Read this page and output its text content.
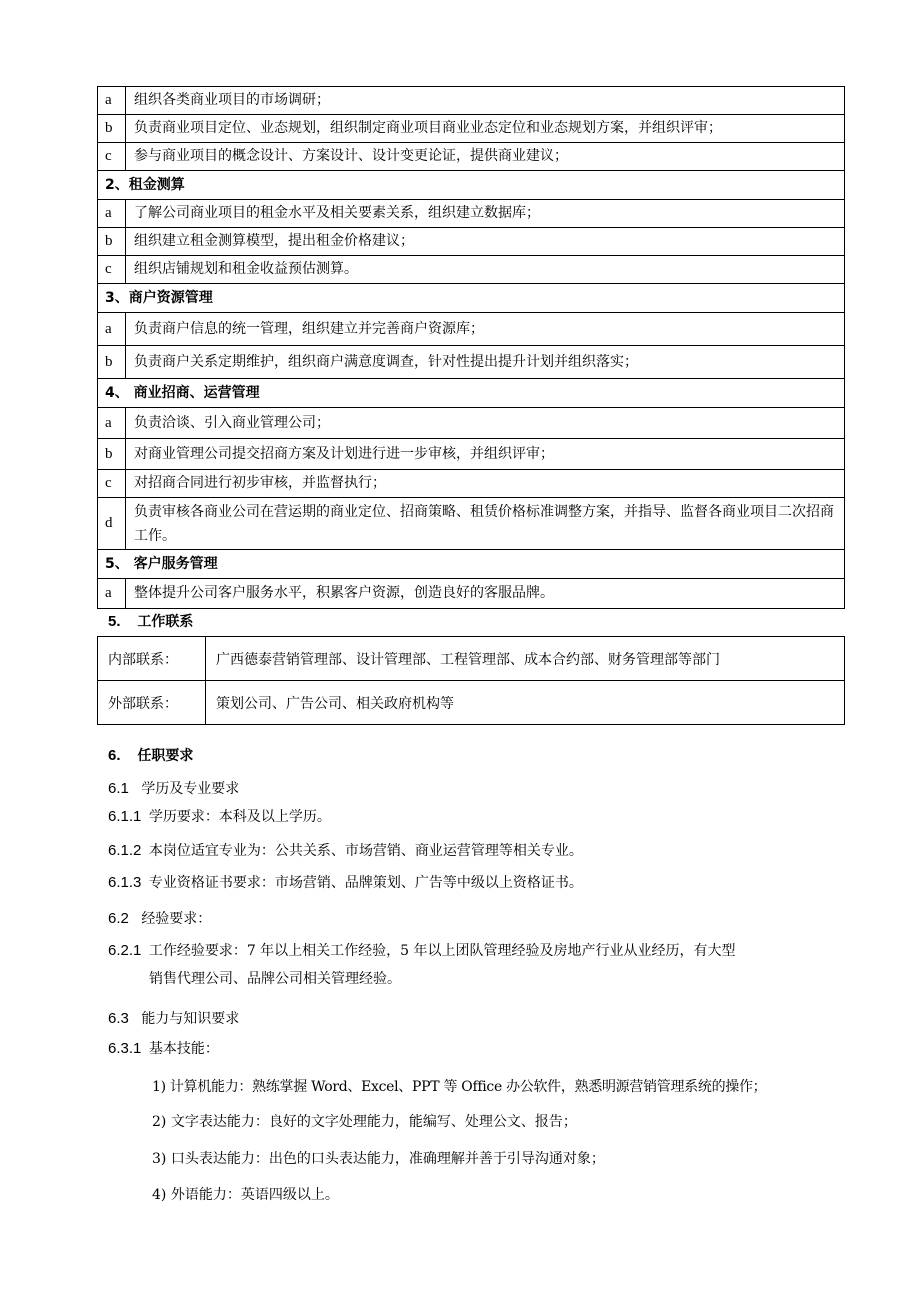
a	组织各类商业项目的市场调研；
b	负责商业项目定位、业态规划，组织制定商业项目商业业态定位和业态规划方案，并组织评审；
c	参与商业项目的概念设计、方案设计、设计变更论证，提供商业建议；
2、租金测算	
a	了解公司商业项目的租金水平及相关要素关系，组织建立数据库；
b	组织建立租金测算模型，提出租金价格建议；
c	组织店铺规划和租金收益预估测算。
3、商户资源管理	
a	负责商户信息的统一管理，组织建立并完善商户资源库；
b	负责商户关系定期维护，组织商户满意度调查，针对性提出提升计划并组织落实；
4、 商业招商、运营管理	
a	负责洽谈、引入商业管理公司；
b	对商业管理公司提交招商方案及计划进行进一步审核，并组织评审；
c	对招商合同进行初步审核，并监督执行；
d	负责审核各商业公司在营运期的商业定位、招商策略、租赁价格标准调整方案，并指导、监督各商业项目二次招商工作。
5、 客户服务管理	
a	整体提升公司客户服务水平，积累客户资源，创造良好的客服品牌。
5. 工作联系
内部联系：	广西德泰营销管理部、设计管理部、工程管理部、成本合约部、财务管理部等部门
外部联系：	策划公司、广告公司、相关政府机构等
6. 任职要求
6.1 学历及专业要求
6.1.1 学历要求：本科及以上学历。
6.1.2 本岗位适宜专业为：公共关系、市场营销、商业运营管理等相关专业。
6.1.3 专业资格证书要求：市场营销、品牌策划、广告等中级以上资格证书。
6.2 经验要求：
6.2.1 工作经验要求：7 年以上相关工作经验，5 年以上团队管理经验及房地产行业从业经历，有大型
销售代理公司、品牌公司相关管理经验。
6.3 能力与知识要求
6.3.1 基本技能：
1) 计算机能力：熟练掌握 Word、Excel、PPT 等 Office 办公软件，熟悉明源营销管理系统的操作；
2) 文字表达能力：良好的文字处理能力，能编写、处理公文、报告；
3) 口头表达能力：出色的口头表达能力，准确理解并善于引导沟通对象；
4) 外语能力：英语四级以上。
